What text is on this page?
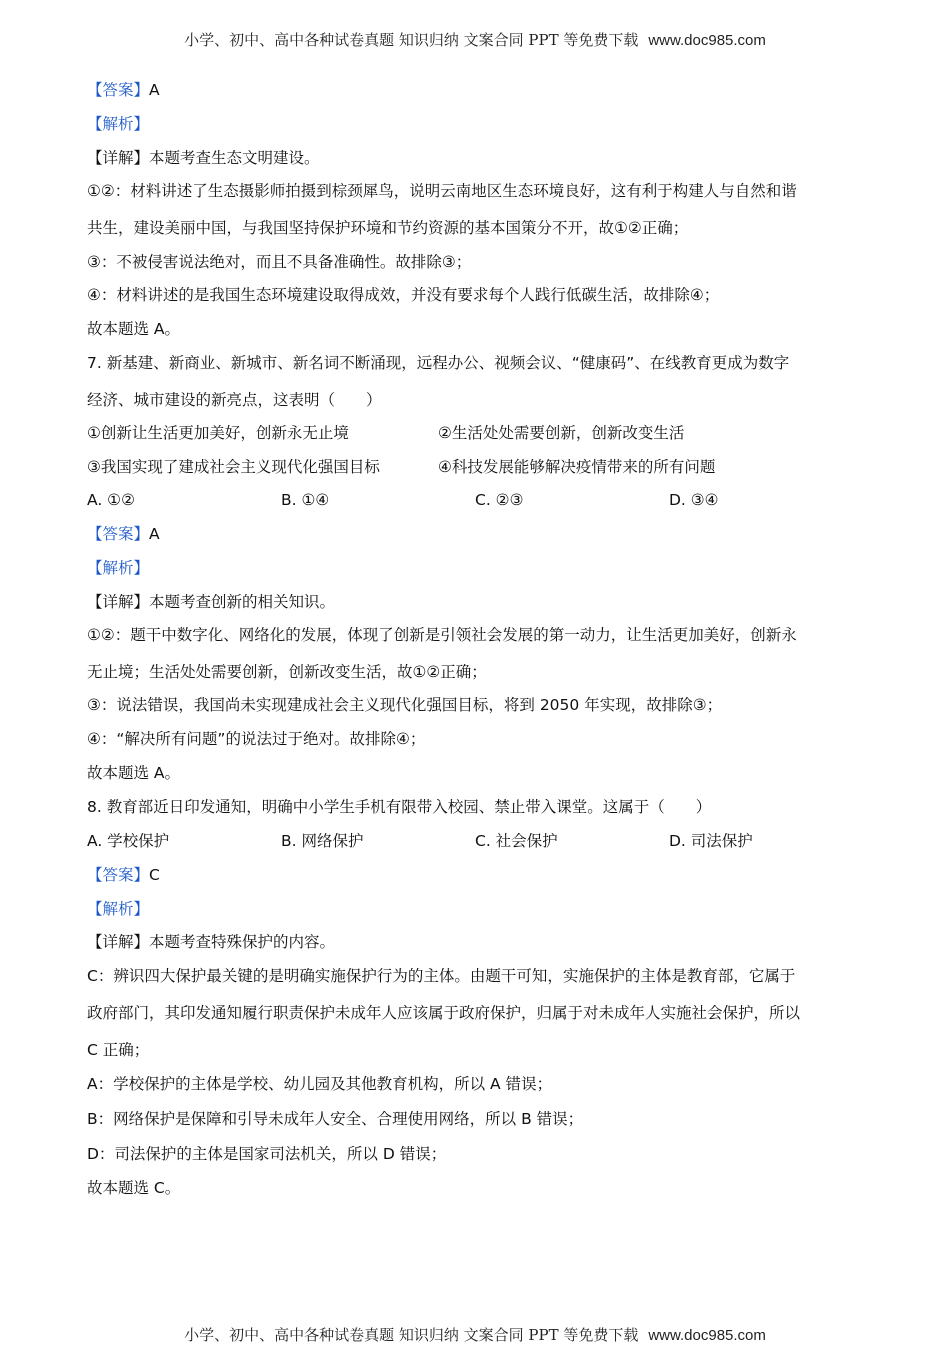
小学、初中、高中各种试卷真题 知识归纳 文案合同 PPT 等免费下载 www.doc985.com
【答案】A
【解析】
【详解】本题考查生态文明建设。
①②：材料讲述了生态摄影师拍摄到棕颈犀鸟，说明云南地区生态环境良好，这有利于构建人与自然和谐
共生，建设美丽中国，与我国坚持保护环境和节约资源的基本国策分不开，故①②正确；
③：不被侵害说法绝对，而且不具备准确性。故排除③；
④：材料讲述的是我国生态环境建设取得成效，并没有要求每个人践行低碳生活，故排除④；
故本题选 A。
7. 新基建、新商业、新城市、新名词不断涌现，远程办公、视频会议、“健康码”、在线教育更成为数字
经济、城市建设的新亮点，这表明（　　）
①创新让生活更加美好，创新永无止境	②生活处处需要创新，创新改变生活
③我国实现了建成社会主义现代化强国目标	④科技发展能够解决疫情带来的所有问题
A. ①②	B. ①④	C. ②③	D. ③④
【答案】A
【解析】
【详解】本题考查创新的相关知识。
①②：题干中数字化、网络化的发展，体现了创新是引领社会发展的第一动力，让生活更加美好，创新永
无止境；生活处处需要创新，创新改变生活，故①②正确；
③：说法错误，我国尚未实现建成社会主义现代化强国目标，将到 2050 年实现，故排除③；
④：“解决所有问题”的说法过于绝对。故排除④；
故本题选 A。
8. 教育部近日印发通知，明确中小学生手机有限带入校园、禁止带入课堂。这属于（　　）
A. 学校保护	B. 网络保护	C. 社会保护	D. 司法保护
【答案】C
【解析】
【详解】本题考查特殊保护的内容。
C：辨识四大保护最关键的是明确实施保护行为的主体。由题干可知，实施保护的主体是教育部，它属于
政府部门，其印发通知履行职责保护未成年人应该属于政府保护，归属于对未成年人实施社会保护，所以
C 正确；
A：学校保护的主体是学校、幼儿园及其他教育机构，所以 A 错误；
B：网络保护是保障和引导未成年人安全、合理使用网络，所以 B 错误；
D：司法保护的主体是国家司法机关，所以 D 错误；
故本题选 C。
小学、初中、高中各种试卷真题 知识归纳 文案合同 PPT 等免费下载 www.doc985.com
